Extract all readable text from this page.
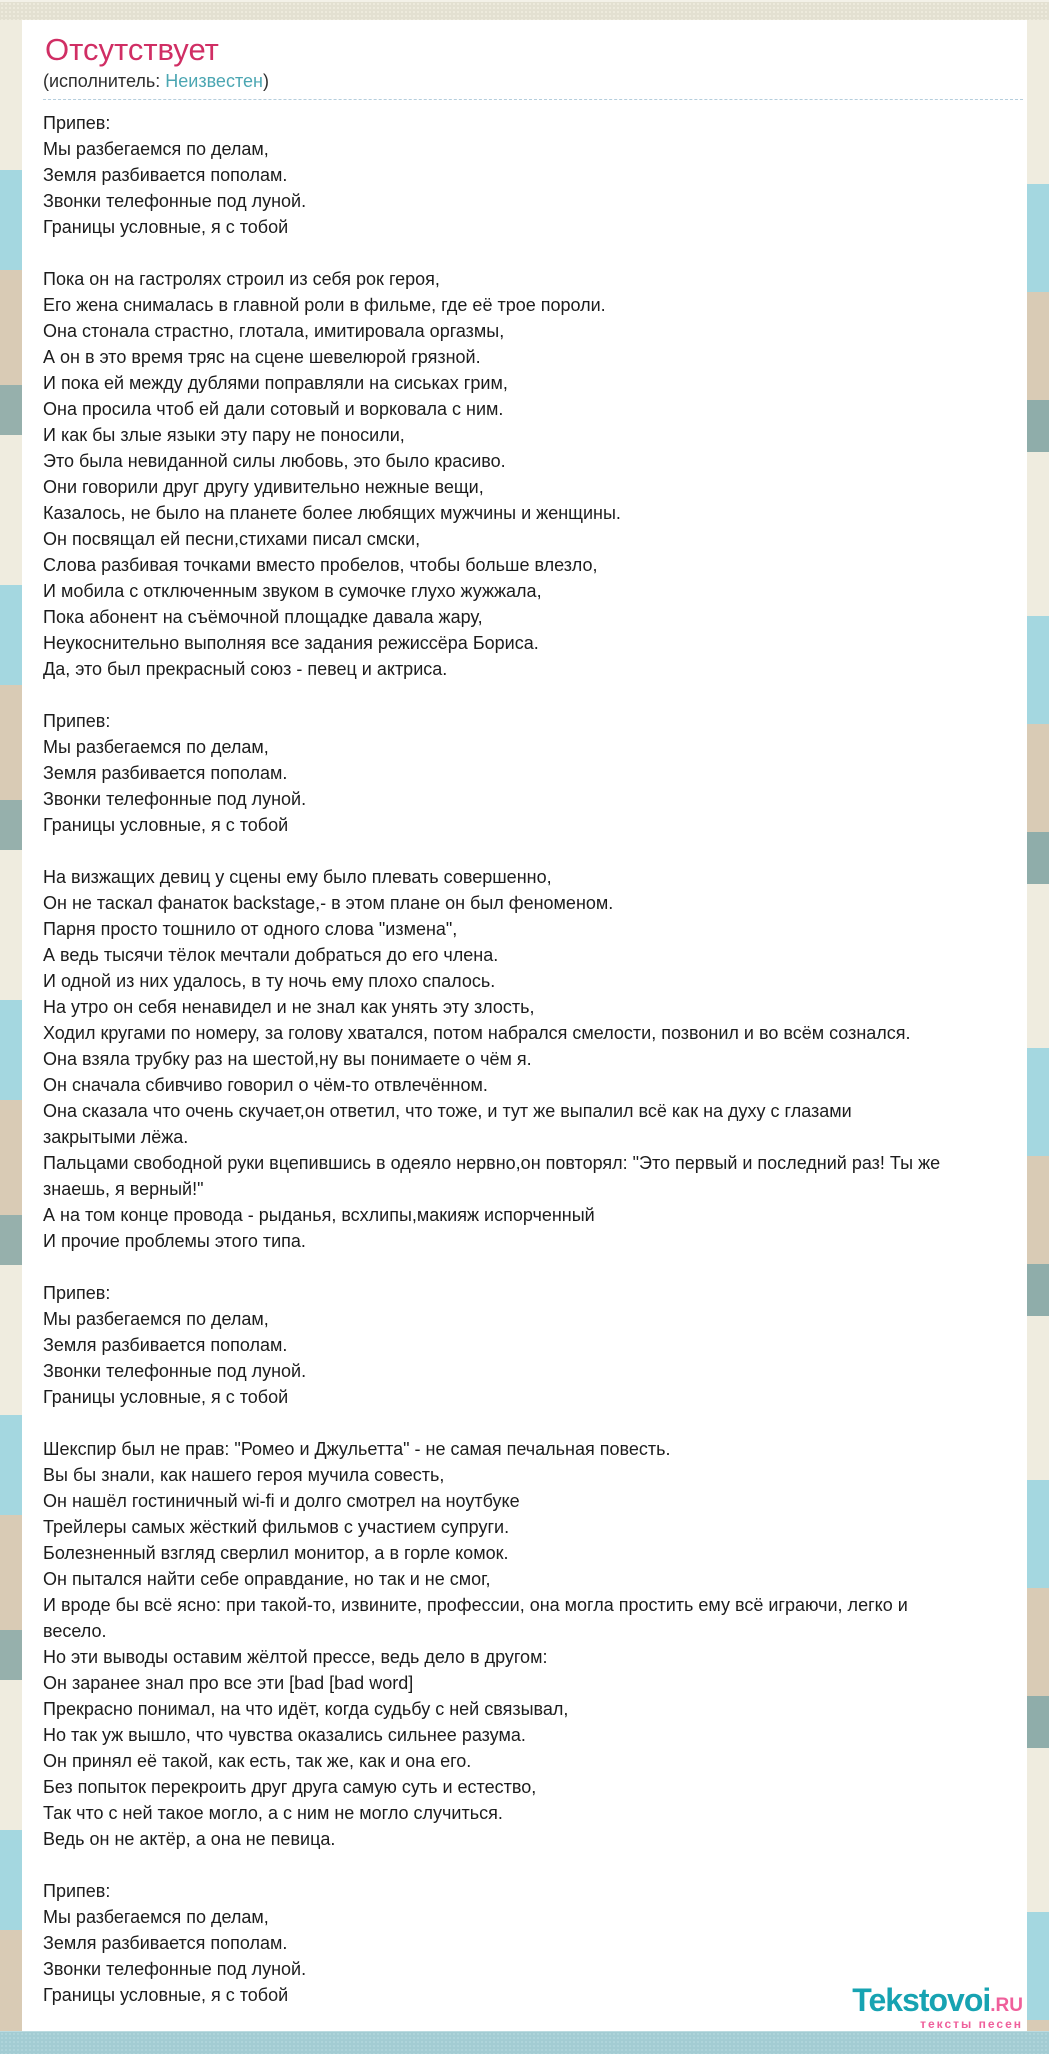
Отсутствует
(исполнитель: Неизвестен)
Припев:
Мы разбегаемся по делам,
Земля разбивается пополам.
Звонки телефонные под луной.
Границы условные, я с тобой
Пока он на гастролях строил из себя рок героя,
Его жена снималась в главной роли в фильме, где её трое пороли.
Она стонала страстно, глотала, имитировала оргазмы,
А он в это время тряс на сцене шевелюрой грязной.
И пока ей между дублями поправляли на сиськах грим,
Она просила чтоб ей дали сотовый и ворковала с ним.
И как бы злые языки эту пару не поносили,
Это была невиданной силы любовь, это было красиво.
Они говорили друг другу удивительно нежные вещи,
Казалось, не было на планете более любящих мужчины и женщины.
Он посвящал ей песни,стихами писал смски,
Слова разбивая точками вместо пробелов, чтобы больше влезло,
И мобила с отключенным звуком в сумочке глухо жужжала,
Пока абонент на съёмочной площадке давала жару,
Неукоснительно выполняя все задания режиссёра Бориса.
Да, это был прекрасный союз - певец и актриса.
Припев:
Мы разбегаемся по делам,
Земля разбивается пополам.
Звонки телефонные под луной.
Границы условные, я с тобой
На визжащих девиц у сцены ему было плевать совершенно,
Он не таскал фанаток backstage,- в этом плане он был феноменом.
Парня просто тошнило от одного слова "измена",
А ведь тысячи тёлок мечтали добраться до его члена.
И одной из них удалось, в ту ночь ему плохо спалось.
На утро он себя ненавидел и не знал как унять эту злость,
Ходил кругами по номеру, за голову хватался, потом набрался смелости, позвонил и во всём сознался.
Она взяла трубку раз на шестой,ну вы понимаете о чём я.
Он сначала сбивчиво говорил о чём-то отвлечённом.
Она сказала что очень скучает,он ответил, что тоже, и тут же выпалил всё как на духу с глазами
закрытыми лёжа.
Пальцами свободной руки вцепившись в одеяло нервно,он повторял: "Это первый и последний раз! Ты же
знаешь, я верный!"
А на том конце провода - рыданья, всхлипы,макияж испорченный
И прочие проблемы этого типа.
Припев:
Мы разбегаемся по делам,
Земля разбивается пополам.
Звонки телефонные под луной.
Границы условные, я с тобой
Шекспир был не прав: "Ромео и Джульетта" - не самая печальная повесть.
Вы бы знали, как нашего героя мучила совесть,
Он нашёл гостиничный wi-fi и долго смотрел на ноутбуке
Трейлеры самых жёсткий фильмов с участием супруги.
Болезненный взгляд сверлил монитор, а в горле комок.
Он пытался найти себе оправдание, но так и не смог,
И вроде бы всё ясно: при такой-то, извините, профессии, она могла простить ему всё играючи, легко и
весело.
Но эти выводы оставим жёлтой прессе, ведь дело в другом:
Он заранее знал про все эти [bad [bad word]
Прекрасно понимал, на что идёт, когда судьбу с ней связывал,
Но так уж вышло, что чувства оказались сильнее разума.
Он принял её такой, как есть, так же, как и она его.
Без попыток перекроить друг друга самую суть и естество,
Так что с ней такое могло, а с ним не могло случиться.
Ведь он не актёр, а она не певица.
Припев:
Мы разбегаемся по делам,
Земля разбивается пополам.
Звонки телефонные под луной.
Границы условные, я с тобой	Tekstovoi.RU
тексты песен
